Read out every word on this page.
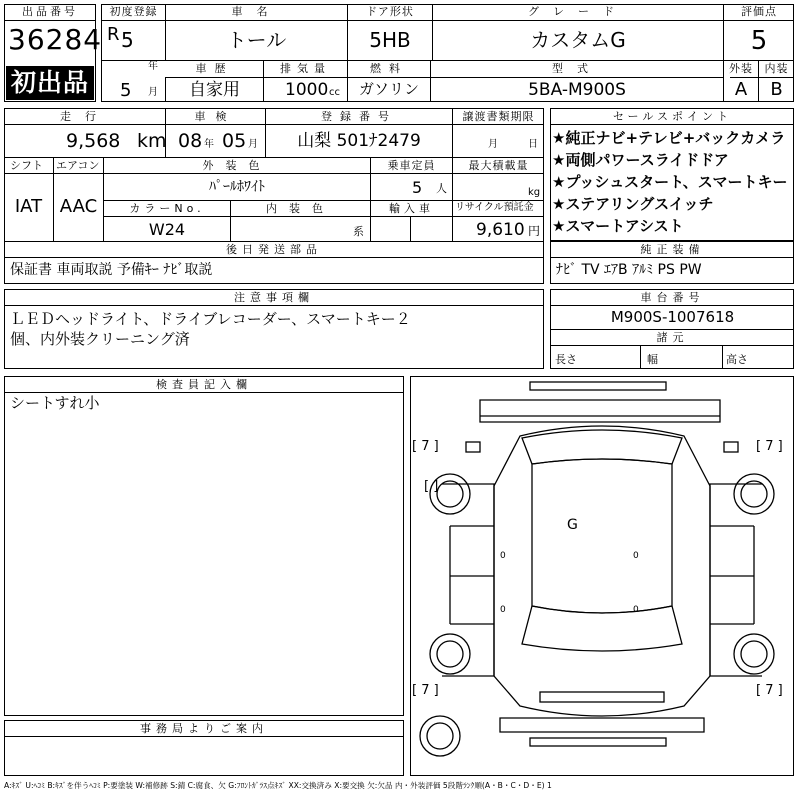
出品番号
36284
初出品
初度登録
R 5
年
5 月
車名
トール
ドア形状
5HB
グレード
カスタムG
評価点
5
車歴
自家用
排気量
1000 cc
燃料
ガソリン
型式
5BA-M900S
外装
A
内装
B
走行
9,568 km
車検
08 年 05 月
登録番号
山梨 501ﾅ2479
譲渡書類期限
月	日
シフト
IAT
エアコン
AAC
外装色
ﾊﾟｰﾙﾎﾜｲﾄ
カラーNo.
W24
内装色
系
輸入車
乗車定員
5 人
最大積載量
kg
リサイクル預託金
9,610 円
後日発送部品
保証書 車両取説 予備ｷｰ ﾅﾋﾞ取説
セールスポイント
★純正ナビ+テレビ+バックカメラ
★両側パワースライドドア
★プッシュスタート、スマートキー
★ステアリングスイッチ
★スマートアシスト
純正装備
ﾅﾋﾞ TV ｴｱB ｱﾙﾐ PS PW
注意事項欄
ＬＥＤヘッドライト、ドライブレコーダー、スマートキー２
個、内外装クリーニング済
車台番号
M900S-1007618
諸元
長さ	幅	高さ
検査員記入欄
シートすれ小
事務局よりご案内
[ 7 ]	[ 7 ]
[ 7 ]	[ 7 ]
[ ]
G
0
0
0
0
A:ｷｽﾞ U:ﾍｺﾐ B:ｷｽﾞを伴うﾍｺﾐ P:要塗装 W:補修跡 S:錆 C:腐食、欠 G:ﾌﾛﾝﾄｶﾞﾗｽ点ｷｽﾞ XX:交換済み X:要交換 欠:欠品 内・外装評価 5段階ﾗﾝｸ順(A・B・C・D・E) 1
